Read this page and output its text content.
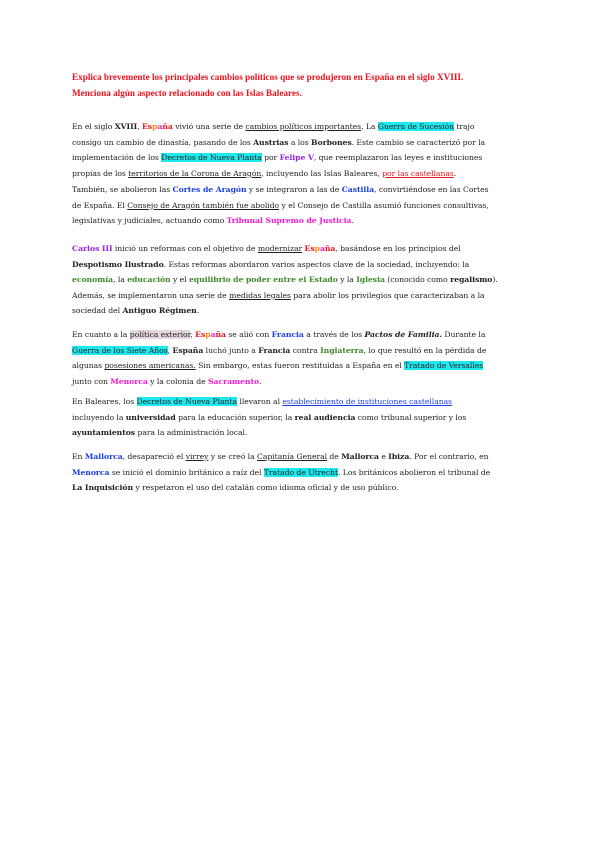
Explica brevemente los principales cambios políticos que se produjeron en España en el siglo XVIII.
Menciona algún aspecto relacionado con las Islas Baleares.
En el siglo XVIII, España vivió una serie de cambios políticos importantes. La Guerra de Sucesión trajo
consigo un cambio de dinastía, pasando de los Austrias a los Borbones. Este cambio se caracterizó por la
implementación de los Decretos de Nueva Planta por Felipe V, que reemplazaron las leyes e instituciones
propias de los territorios de la Corona de Aragón, incluyendo las Islas Baleares, por las castellanas.
También, se abolieron las Cortes de Aragón y se integraron a las de Castilla, convirtiéndose en las Cortes
de España. El Consejo de Aragón también fue abolido y el Consejo de Castilla asumió funciones consultivas,
legislativas y judiciales, actuando como Tribunal Supremo de Justicia.
Carlos III inició un reformas con el objetivo de modernizar España, basándose en los principios del
Despotismo Ilustrado. Estas reformas abordaron varios aspectos clave de la sociedad, incluyendo: la
economía, la educación y el equilibrio de poder entre el Estado y la Iglesia (conocido como regalismo).
Además, se implementaron una serie de medidas legales para abolir los privilegios que caracterizaban a la
sociedad del Antiguo Régimen.
En cuanto a la política exterior, España se alió con Francia a través de los Pactos de Familia. Durante la
Guerra de los Siete Años, España luchó junto a Francia contra Inglaterra, lo que resultó en la pérdida de
algunas posesiones americanas. Sin embargo, estas fueron restituidas a España en el Tratado de Versalles
junto con Menorca y la colonia de Sacramento.
En Baleares, los Decretos de Nueva Planta llevaron al establecimiento de instituciones castellanas
incluyendo la universidad para la educación superior, la real audiencia como tribunal superior y los
ayuntamientos para la administración local.
En Mallorca, desapareció el virrey y se creó la Capitanía General de Mallorca e Ibiza. Por el contrario, en
Menorca se inició el dominio británico a raíz del Tratado de Utrecht. Los británicos abolieron el tribunal de
La Inquisición y respetaron el uso del catalán como idioma oficial y de uso público.
